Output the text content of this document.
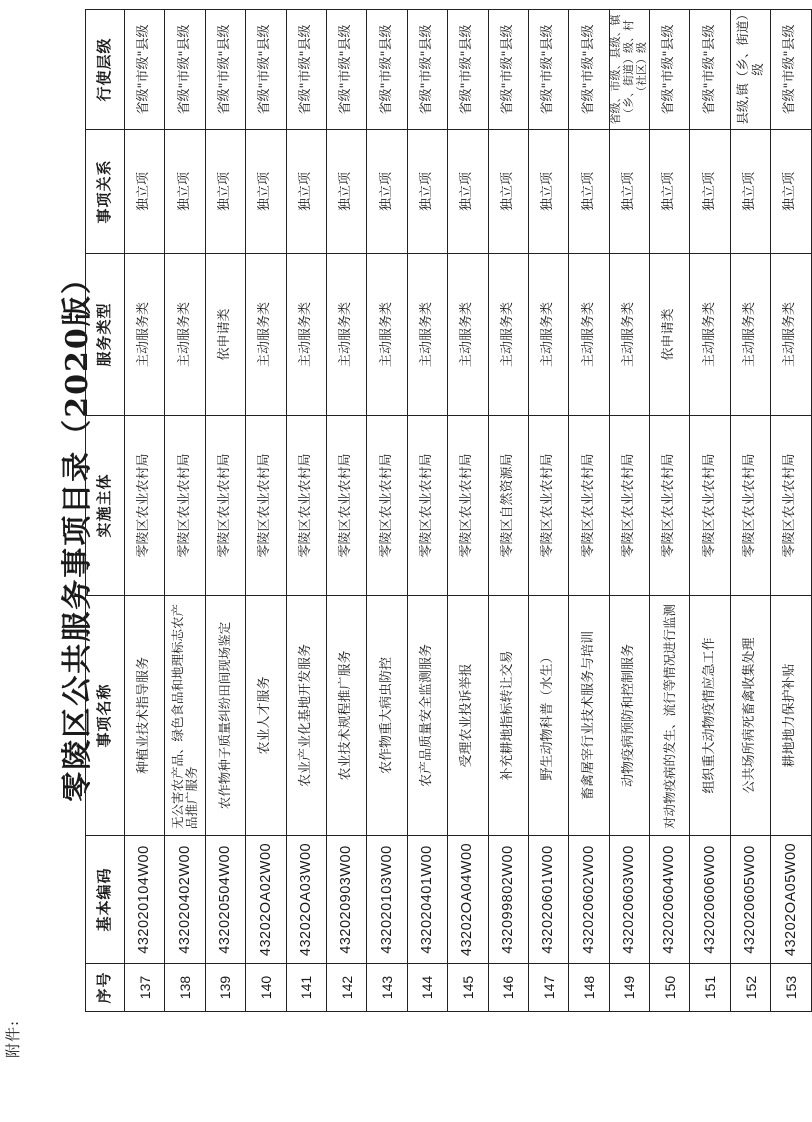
附件:
零陵区公共服务事项目录（2020版）
序号	基本编码	事项名称	实施主体	服务类型	事项关系	行使层级
137	432020104W00	种植业技术指导服务	零陵区农业农村局	主动服务类	独立项	省级"市级"县级
138	432020402W00	无公害农产品、绿色食品和地理标志农产品推广服务	零陵区农业农村局	主动服务类	独立项	省级"市级"县级
139	432020504W00	农作物种子质量纠纷田间现场鉴定	零陵区农业农村局	依申请类	独立项	省级"市级"县级
140	43202OA02W00	农业人才服务	零陵区农业农村局	主动服务类	独立项	省级"市级"县级
141	43202OA03W00	农业产业化基地开发服务	零陵区农业农村局	主动服务类	独立项	省级"市级"县级
142	432020903W00	农业技术规程推广服务	零陵区农业农村局	主动服务类	独立项	省级"市级"县级
143	432020103W00	农作物重大病虫防控	零陵区农业农村局	主动服务类	独立项	省级"市级"县级
144	432020401W00	农产品质量安全监测服务	零陵区农业农村局	主动服务类	独立项	省级"市级"县级
145	43202OA04W00	受理农业投诉举报	零陵区农业农村局	主动服务类	独立项	省级"市级"县级
146	432099802W00	补充耕地指标转让交易	零陵区自然资源局	主动服务类	独立项	省级"市级"县级
147	432020601W00	野生动物科普（水生）	零陵区农业农村局	主动服务类	独立项	省级"市级"县级
148	432020602W00	畜禽屠宰行业技术服务与培训	零陵区农业农村局	主动服务类	独立项	省级"市级"县级
149	432020603W00	动物疫病预防和控制服务	零陵区农业农村局	主动服务类	独立项	省级、市级、县级、镇（乡、街道）级、村（社区）级
150	432020604W00	对动物疫病的发生、流行等情况进行监测	零陵区农业农村局	依申请类	独立项	省级"市级"县级
151	432020606W00	组织重大动物疫情应急工作	零陵区农业农村局	主动服务类	独立项	省级"市级"县级
152	432020605W00	公共场所病死畜禽收集处理	零陵区农业农村局	主动服务类	独立项	县级,镇（乡、街道）级
153	43202OA05W00	耕地地力保护补贴	零陵区农业农村局	主动服务类	独立项	省级"市级"县级
